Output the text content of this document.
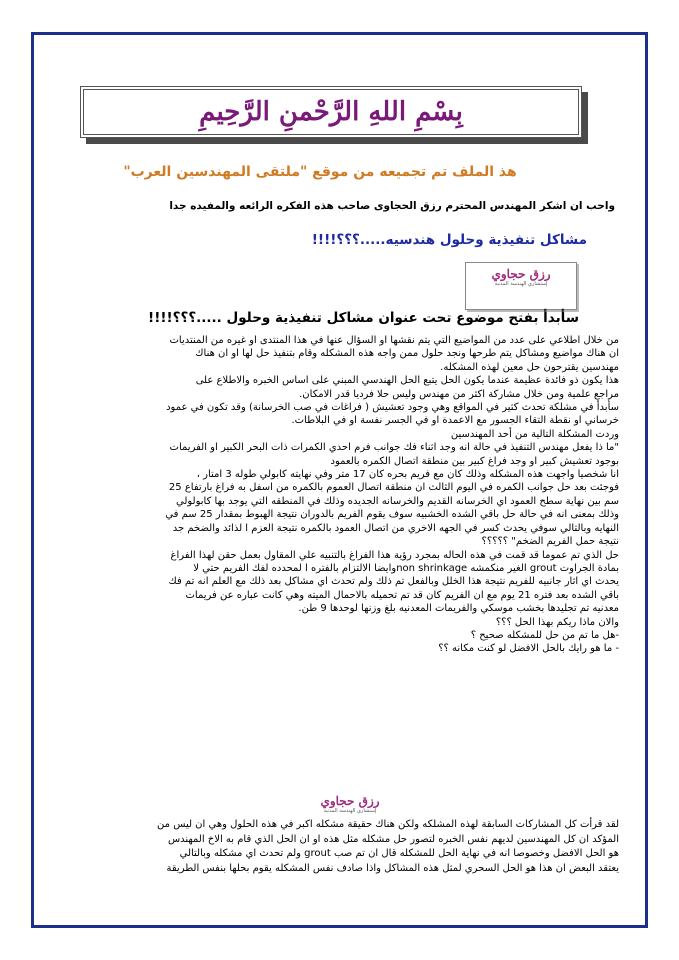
بِسْمِ اللهِ الرَّحْمنِ الرَّحِيمِ
هذ الملف تم تجميعه من موقع "ملتقى المهندسين العرب"
واحب ان اشكر المهندس المحترم رزق الحجاوى صاحب هذه الفكره الرائعه والمفيده جدا
مشاكل تنفيذية وحلول هندسيه.....؟؟؟!!!!
رزق حجاوي
إستشاري الهندسة المدنية
سأبدأ بفتح موضوع تحت عنوان مشاكل تنفيذية وحلول .....؟؟؟!!!!

من خلال اطلاعي على عدد من المواضيع التي يتم نقشها او السؤال عنها في هذا المنتدى او غيره من المنتديات

ان هناك مواضيع ومشاكل يتم طرحها ونجد حلول ممن واجه هذه المشكله وقام بتنفيذ حل لها او ان هناك

مهندسين يقترحون حل معين لهذه المشكله.

هذا يكون ذو فائدة عظيمة عندما يكون الحل يتبع الحل الهندسي المبني على اساس الخبره والاطلاع على

مراجع علمية ومن خلال مشاركة اكثر من مهندس وليس حلا فرديا قدر الامكان.

سأبدأ في مشلكة تحدث كثير في المواقع وهي وجود تعشيش ( فراغات في صب الخرسانة) وقد تكون في عمود

خرساني او نقطة التقاء الجسور مع الاعمدة او في الجسر نفسة او في البلاطات.

وردت المشكلة التالية من أحد المهندسين

"ما ذا يفعل مهندس التنفيذ في حالة انه وجد اثناء فك جوانب فرم احدي الكمرات ذات البحر الكبير او الفريمات

بوجود تعشيش كبير او وجد فراغ كبير بين منطقة اتصال الكمره بالعمود

انا شخصيا واجهت هذه المشكله وذلك كان مع فريم بحره كان 17 متر وفي نهايته كابولي طوله 3 امتار ،

فوجئت بعد حل جوانب الكمره في اليوم الثالث ان منطقة اتصال العموم بالكمره من اسفل به فراغ بارتفاع 25

سم بين نهاية سطح العمود اي الخرسانه القديم والخرسانه الجديده وذلك في المنطقه التي يوجد بها كابولولي

وذلك بمعنى انه في حالة حل باقي الشده الخشبيه سوف يقوم الفريم بالدوران نتيجة الهبوط بمقدار 25 سم في

النهايه وبالتالي سوفي يحدث كسر في الجهه الاخري من اتصال العمود بالكمره نتيجة العزم ا لذائد والضخم جد

نتيجة حمل الفريم الضخم" ؟؟؟؟؟

حل الذي تم عموما قد قمت في هذه الحاله بمجرد رؤية هذا الفراغ بالتنبيه علي المقاول بعمل حقن لهذا الفراغ

بمادة الجراوت grout الغير منكمشه non shrinkageوايضا الالتزام بالفتره ا لمحدده لفك الفريم حتي لا

يحدث اي اثار جانبيه للفريم نتيجة هذا الخلل وبالفعل تم ذلك ولم تحدث اي مشاكل بعد ذلك مع العلم انه تم فك

باقي الشده بعد فتره 21 يوم مع ان الفريم كان قد تم تحميله بالاحمال الميته وهي كانت عباره عن فريمات

معدنيه تم تجليدها بخشب موسكي والفريمات المعدنيه بلغ وزنها لوحدها 9 طن.

والان ماذا ريكم بهذا الحل ؟؟؟

-هل ما تم من حل للمشكله صحيح ؟

- ما هو رايك بالحل الافضل لو كنت مكانه ؟؟

رزق حجاوي
إستشاري الهندسة المدنية

لقد قرأت كل المشاركات السابقة لهذه المشلكه ولكن هناك حقيقة مشكله اكبر في هذه الحلول وهي ان ليس من

المؤكد ان كل المهندسين لديهم نفس الخبره لتصور حل مشكله مثل هذه او ان الحل الذي قام به الاخ المهندس

هو الحل الافضل وخصوصا انه في نهاية الحل للمشكله قال ان تم صب grout ولم تحدث اي مشكله وبالتالي

يعتقد البعض ان هذا هو الحل السحري لمثل هذه المشاكل واذا صادف نفس المشكله يقوم بحلها بنفس الطريقة
